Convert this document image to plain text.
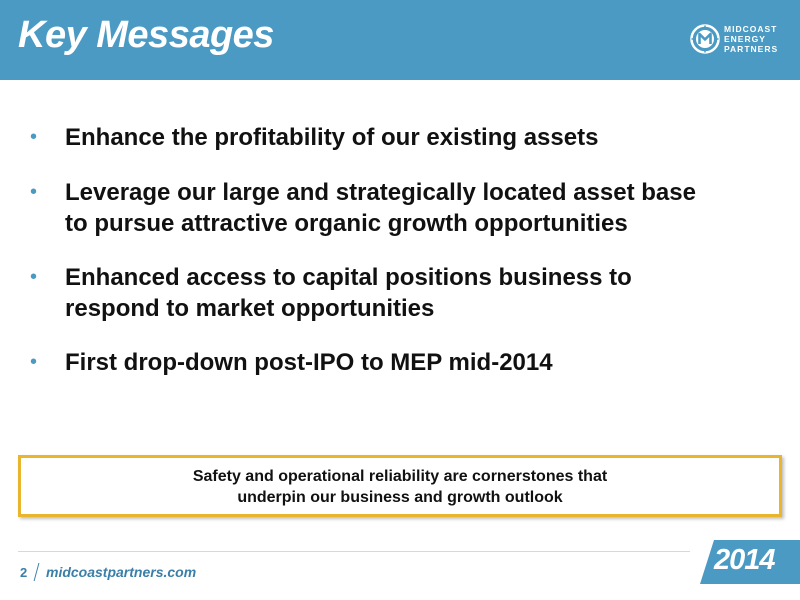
Key Messages	MIDCOAST
ENERGY
PARTNERS
• Enhance the profitability of our existing assets
• Leverage our large and strategically located asset base
to pursue attractive organic growth opportunities
• Enhanced access to capital positions business to
respond to market opportunities
• First drop-down post-IPO to MEP mid-2014
Safety and operational reliability are cornerstones that
underpin our business and growth outlook
2 midcoastpartners.com	2014
